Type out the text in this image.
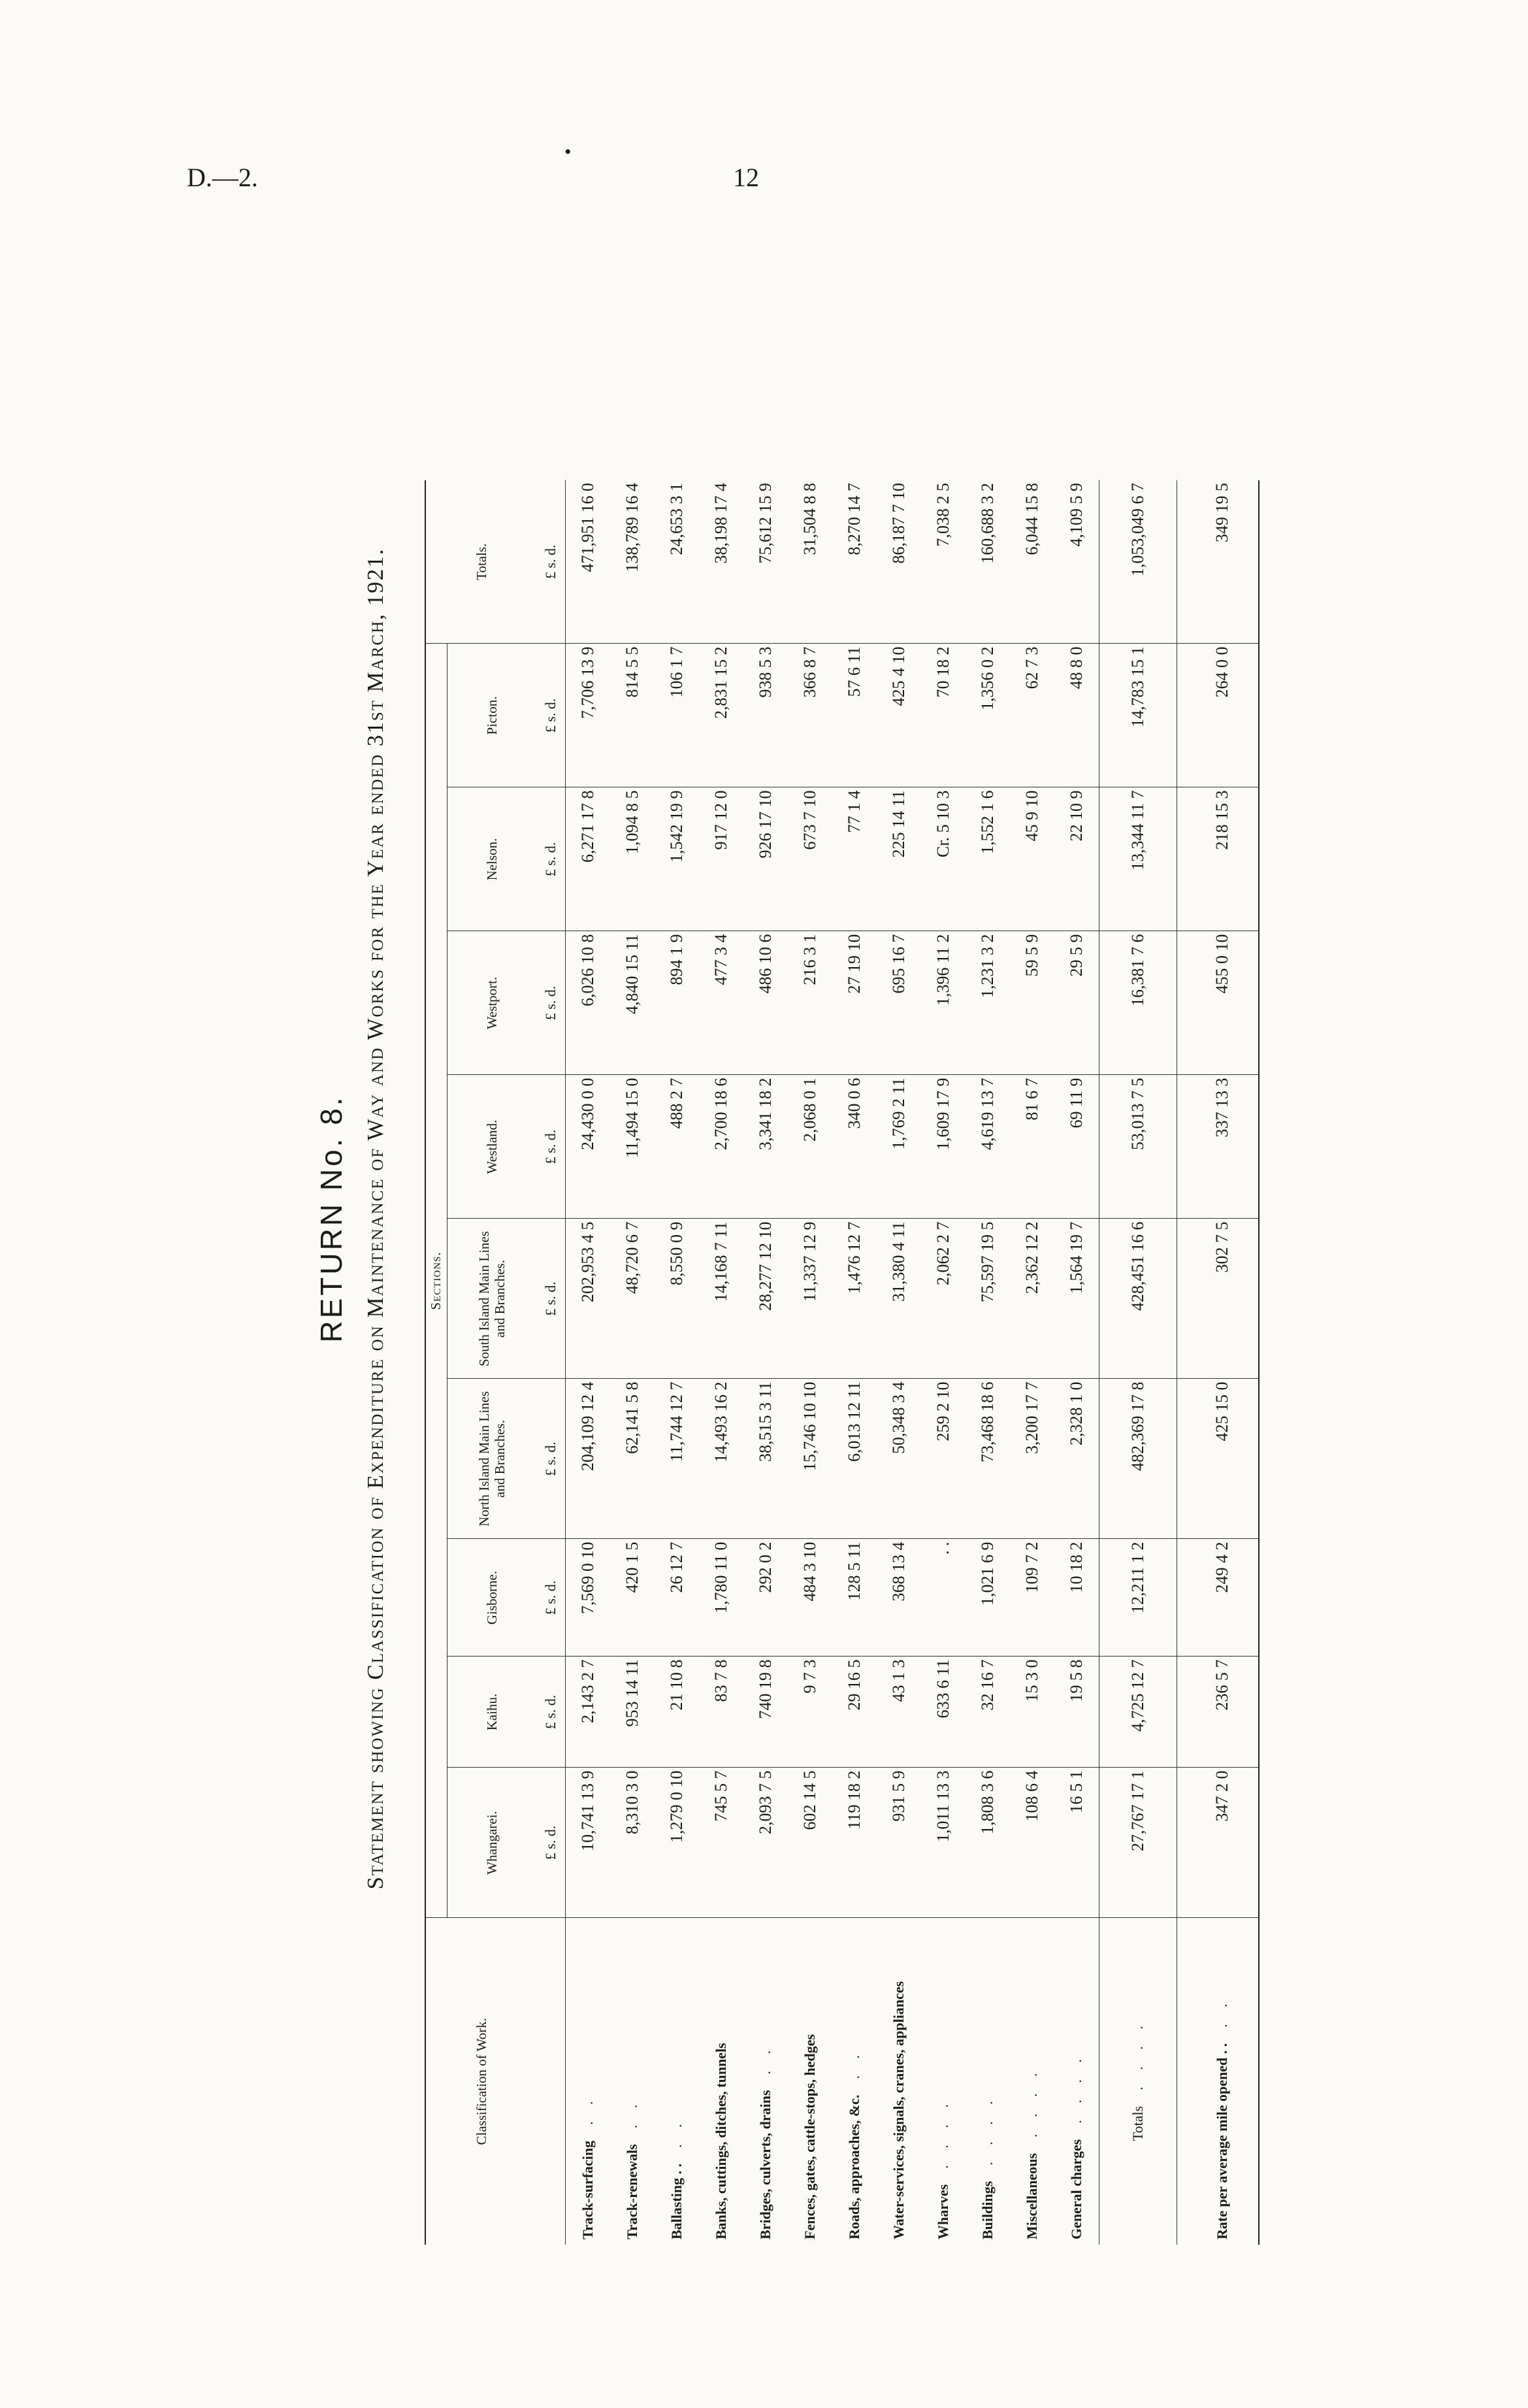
D.—2.	12
•
RETURN No. 8. Statement showing Classification of Expenditure on Maintenance of Way and Works for the Year ended 31st March, 1921.
Classification of Work.	Sections.									Totals.
	Whangarei.	Kaihu.	Gisborne.	North Island Main Lines and Branches.	South Island Main Lines and Branches.	Westland.	Westport.	Nelson.	Picton.	
	£ s. d.	£ s. d.	£ s. d.	£ s. d.	£ s. d.	£ s. d.	£ s. d.	£ s. d.	£ s. d.	£ s. d.
Track-surfacing. .	10,741 13 9	2,143 2 7	7,569 0 10	204,109 12 4	202,953 4 5	24,430 0 0	6,026 10 8	6,271 17 8	7,706 13 9	471,951 16 0
Track-renewals. .	8,310 3 0	953 14 11	420 1 5	62,141 5 8	48,720 6 7	11,494 15 0	4,840 15 11	1,094 8 5	814 5 5	138,789 16 4
Ballasting . .. .	1,279 0 10	21 10 8	26 12 7	11,744 12 7	8,550 0 9	488 2 7	894 1 9	1,542 19 9	106 1 7	24,653 3 1
Banks, cuttings, ditches, tunnels	745 5 7	83 7 8	1,780 11 0	14,493 16 2	14,168 7 11	2,700 18 6	477 3 4	917 12 0	2,831 15 2	38,198 17 4
Bridges, culverts, drains. .	2,093 7 5	740 19 8	292 0 2	38,515 3 11	28,277 12 10	3,341 18 2	486 10 6	926 17 10	938 5 3	75,612 15 9
Fences, gates, cattle-stops, hedges	602 14 5	9 7 3	484 3 10	15,746 10 10	11,337 12 9	2,068 0 1	216 3 1	673 7 10	366 8 7	31,504 8 8
Roads, approaches, &c.. .	119 18 2	29 16 5	128 5 11	6,013 12 11	1,476 12 7	340 0 6	27 19 10	77 1 4	57 6 11	8,270 14 7
Water-services, signals, cranes, appliances	931 5 9	43 1 3	368 13 4	50,348 3 4	31,380 4 11	1,769 2 11	695 16 7	225 14 11	425 4 10	86,187 7 10
Wharves. . . .	1,011 13 3	633 6 11	. .	259 2 10	2,062 2 7	1,609 17 9	1,396 11 2	Cr. 5 10 3	70 18 2	7,038 2 5
Buildings. . . .	1,808 3 6	32 16 7	1,021 6 9	73,468 18 6	75,597 19 5	4,619 13 7	1,231 3 2	1,552 1 6	1,356 0 2	160,688 3 2
Miscellaneous. . . .	108 6 4	15 3 0	109 7 2	3,200 17 7	2,362 12 2	81 6 7	59 5 9	45 9 10	62 7 3	6,044 15 8
General charges. . . .	16 5 1	19 5 8	10 18 2	2,328 1 0	1,564 19 7	69 11 9	29 5 9	22 10 9	48 8 0	4,109 5 9
Totals. . . .	27,767 17 1	4,725 12 7	12,211 1 2	482,369 17 8	428,451 16 6	53,013 7 5	16,381 7 6	13,344 11 7	14,783 15 1	1,053,049 6 7

Rate per average mile opened . .. .	347 2 0	236 5 7	249 4 2	425 15 0	302 7 5	337 13 3	455 0 10	218 15 3	264 0 0	349 19 5
